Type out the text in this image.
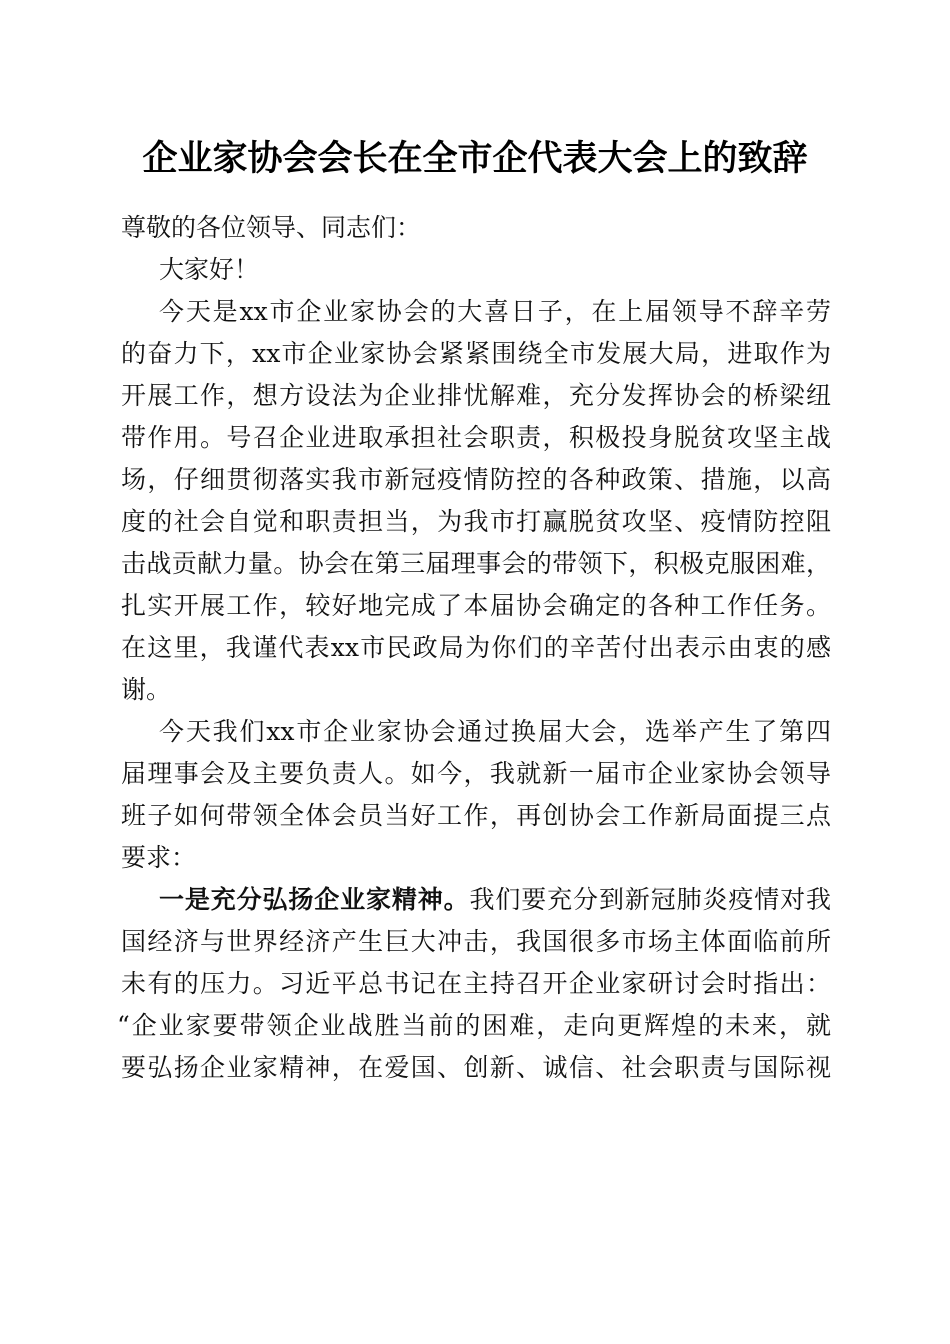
企业家协会会长在全市企代表大会上的致辞
尊敬的各位领导、同志们：
大家好！
今天是xx市企业家协会的大喜日子，在上届领导不辞辛劳
的奋力下，xx市企业家协会紧紧围绕全市发展大局，进取作为
开展工作，想方设法为企业排忧解难，充分发挥协会的桥梁纽
带作用。号召企业进取承担社会职责，积极投身脱贫攻坚主战
场，仔细贯彻落实我市新冠疫情防控的各种政策、措施，以高
度的社会自觉和职责担当，为我市打赢脱贫攻坚、疫情防控阻
击战贡献力量。协会在第三届理事会的带领下，积极克服困难，
扎实开展工作，较好地完成了本届协会确定的各种工作任务。
在这里，我谨代表xx市民政局为你们的辛苦付出表示由衷的感
谢。
今天我们xx市企业家协会通过换届大会，选举产生了第四
届理事会及主要负责人。如今，我就新一届市企业家协会领导
班子如何带领全体会员当好工作，再创协会工作新局面提三点
要求：
一是充分弘扬企业家精神。我们要充分到新冠肺炎疫情对我
国经济与世界经济产生巨大冲击，我国很多市场主体面临前所
未有的压力。习近平总书记在主持召开企业家研讨会时指出：
“企业家要带领企业战胜当前的困难，走向更辉煌的未来，就
要弘扬企业家精神，在爱国、创新、诚信、社会职责与国际视
